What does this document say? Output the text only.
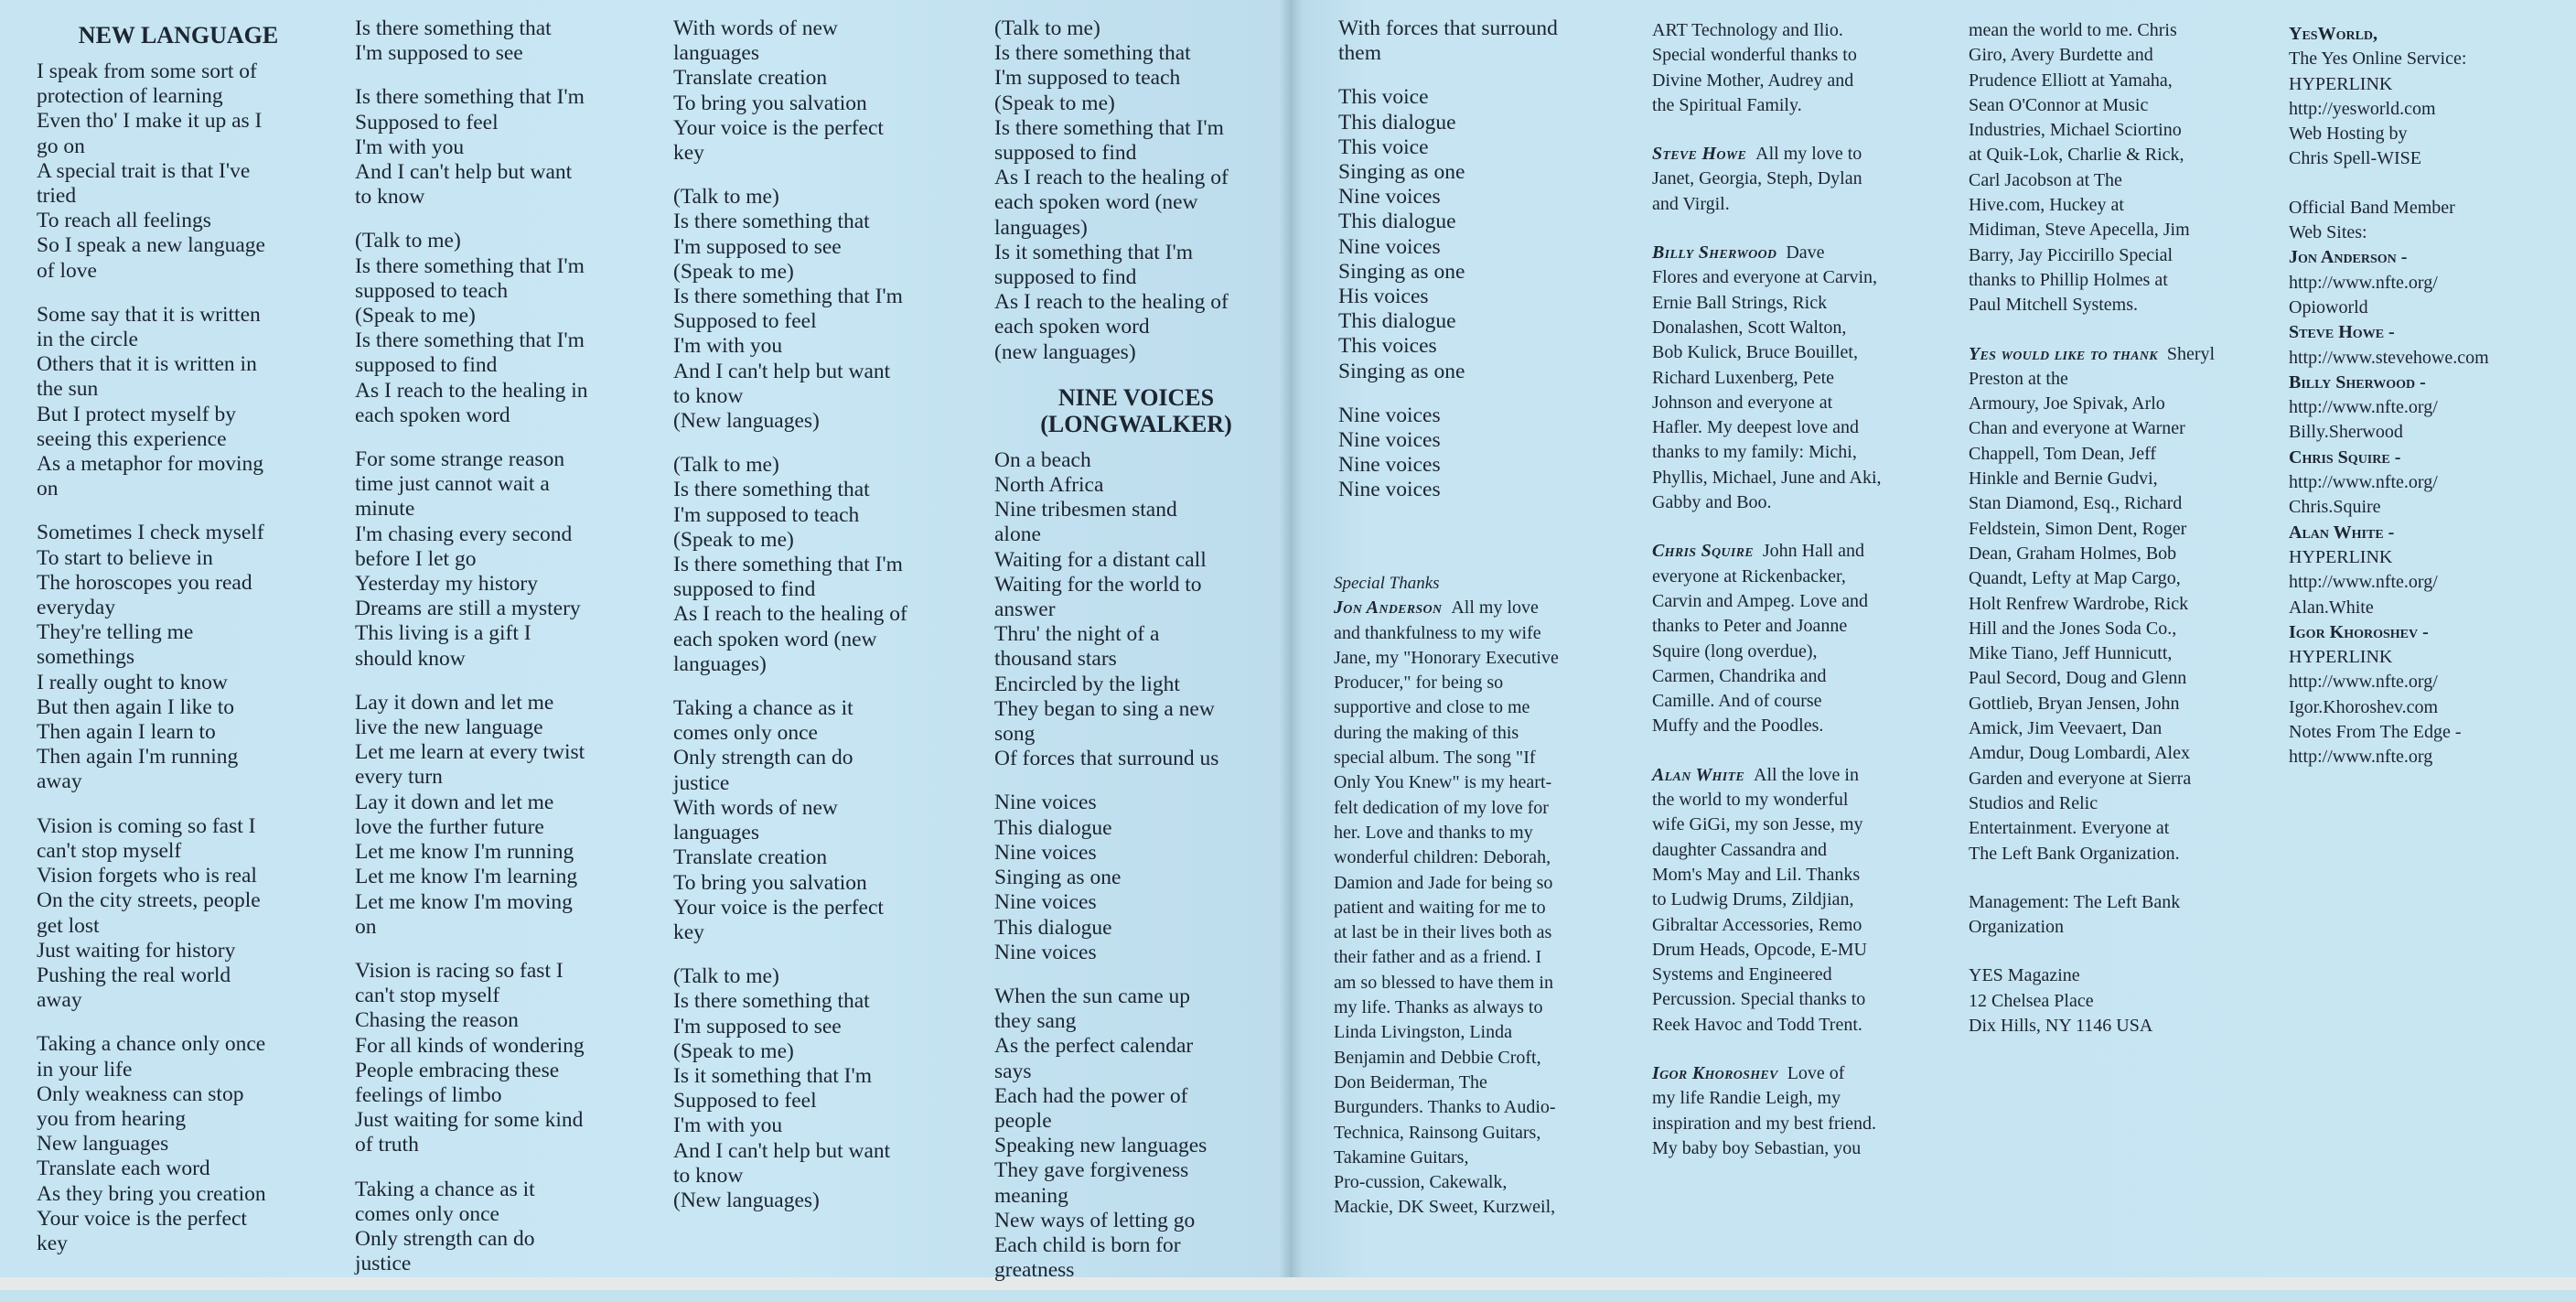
NEW LANGUAGE
I speak from some sort of
protection of learning
Even tho' I make it up as I
go on
A special trait is that I've
tried
To reach all feelings
So I speak a new language
of love
Some say that it is written
in the circle
Others that it is written in
the sun
But I protect myself by
seeing this experience
As a metaphor for moving
on
Sometimes I check myself
To start to believe in
The horoscopes you read
everyday
They're telling me
somethings
I really ought to know
But then again I like to
Then again I learn to
Then again I'm running
away
Vision is coming so fast I
can't stop myself
Vision forgets who is real
On the city streets, people
get lost
Just waiting for history
Pushing the real world
away
Taking a chance only once
in your life
Only weakness can stop
you from hearing
New languages
Translate each word
As they bring you creation
Your voice is the perfect
key
Is there something that
I'm supposed to see
Is there something that I'm
Supposed to feel
I'm with you
And I can't help but want
to know
(Talk to me)
Is there something that I'm
supposed to teach
(Speak to me)
Is there something that I'm
supposed to find
As I reach to the healing in
each spoken word
For some strange reason
time just cannot wait a
minute
I'm chasing every second
before I let go
Yesterday my history
Dreams are still a mystery
This living is a gift I
should know
Lay it down and let me
live the new language
Let me learn at every twist
every turn
Lay it down and let me
love the further future
Let me know I'm running
Let me know I'm learning
Let me know I'm moving
on
Vision is racing so fast I
can't stop myself
Chasing the reason
For all kinds of wondering
People embracing these
feelings of limbo
Just waiting for some kind
of truth
Taking a chance as it
comes only once
Only strength can do
justice
With words of new
languages
Translate creation
To bring you salvation
Your voice is the perfect
key
(Talk to me)
Is there something that
I'm supposed to see
(Speak to me)
Is there something that I'm
Supposed to feel
I'm with you
And I can't help but want
to know
(New languages)
(Talk to me)
Is there something that
I'm supposed to teach
(Speak to me)
Is there something that I'm
supposed to find
As I reach to the healing of
each spoken word (new
languages)
Taking a chance as it
comes only once
Only strength can do
justice
With words of new
languages
Translate creation
To bring you salvation
Your voice is the perfect
key
(Talk to me)
Is there something that
I'm supposed to see
(Speak to me)
Is it something that I'm
Supposed to feel
I'm with you
And I can't help but want
to know
(New languages)
(Talk to me)
Is there something that
I'm supposed to teach
(Speak to me)
Is there something that I'm
supposed to find
As I reach to the healing of
each spoken word (new
languages)
Is it something that I'm
supposed to find
As I reach to the healing of
each spoken word
(new languages)
NINE VOICES
(LONGWALKER)
On a beach
North Africa
Nine tribesmen stand
alone
Waiting for a distant call
Waiting for the world to
answer
Thru' the night of a
thousand stars
Encircled by the light
They began to sing a new
song
Of forces that surround us
Nine voices
This dialogue
Nine voices
Singing as one
Nine voices
This dialogue
Nine voices
When the sun came up
they sang
As the perfect calendar
says
Each had the power of
people
Speaking new languages
They gave forgiveness
meaning
New ways of letting go
Each child is born for
greatness
With forces that surround
them
This voice
This dialogue
This voice
Singing as one
Nine voices
This dialogue
Nine voices
Singing as one
His voices
This dialogue
This voices
Singing as one
Nine voices
Nine voices
Nine voices
Nine voices
Special Thanks
Jon Anderson All my love
and thankfulness to my wife
Jane, my "Honorary Executive
Producer," for being so
supportive and close to me
during the making of this
special album. The song "If
Only You Knew" is my heart-
felt dedication of my love for
her. Love and thanks to my
wonderful children: Deborah,
Damion and Jade for being so
patient and waiting for me to
at last be in their lives both as
their father and as a friend. I
am so blessed to have them in
my life. Thanks as always to
Linda Livingston, Linda
Benjamin and Debbie Croft,
Don Beiderman, The
Burgunders. Thanks to Audio-
Technica, Rainsong Guitars,
Takamine Guitars,
Pro-cussion, Cakewalk,
Mackie, DK Sweet, Kurzweil,
ART Technology and Ilio.
Special wonderful thanks to
Divine Mother, Audrey and
the Spiritual Family.
Steve Howe All my love to
Janet, Georgia, Steph, Dylan
and Virgil.
Billy Sherwood Dave
Flores and everyone at Carvin,
Ernie Ball Strings, Rick
Donalashen, Scott Walton,
Bob Kulick, Bruce Bouillet,
Richard Luxenberg, Pete
Johnson and everyone at
Hafler. My deepest love and
thanks to my family: Michi,
Phyllis, Michael, June and Aki,
Gabby and Boo.
Chris Squire John Hall and
everyone at Rickenbacker,
Carvin and Ampeg. Love and
thanks to Peter and Joanne
Squire (long overdue),
Carmen, Chandrika and
Camille. And of course
Muffy and the Poodles.
Alan White All the love in
the world to my wonderful
wife GiGi, my son Jesse, my
daughter Cassandra and
Mom's May and Lil. Thanks
to Ludwig Drums, Zildjian,
Gibraltar Accessories, Remo
Drum Heads, Opcode, E-MU
Systems and Engineered
Percussion. Special thanks to
Reek Havoc and Todd Trent.
Igor Khoroshev Love of
my life Randie Leigh, my
inspiration and my best friend.
My baby boy Sebastian, you
mean the world to me. Chris
Giro, Avery Burdette and
Prudence Elliott at Yamaha,
Sean O'Connor at Music
Industries, Michael Sciortino
at Quik-Lok, Charlie & Rick,
Carl Jacobson at The
Hive.com, Huckey at
Midiman, Steve Apecella, Jim
Barry, Jay Piccirillo Special
thanks to Phillip Holmes at
Paul Mitchell Systems.
Yes would like to thank Sheryl Preston at the
Armoury, Joe Spivak, Arlo
Chan and everyone at Warner
Chappell, Tom Dean, Jeff
Hinkle and Bernie Gudvi,
Stan Diamond, Esq., Richard
Feldstein, Simon Dent, Roger
Dean, Graham Holmes, Bob
Quandt, Lefty at Map Cargo,
Holt Renfrew Wardrobe, Rick
Hill and the Jones Soda Co.,
Mike Tiano, Jeff Hunnicutt,
Paul Secord, Doug and Glenn
Gottlieb, Bryan Jensen, John
Amick, Jim Veevaert, Dan
Amdur, Doug Lombardi, Alex
Garden and everyone at Sierra
Studios and Relic
Entertainment. Everyone at
The Left Bank Organization.
Management: The Left Bank
Organization
YES Magazine
12 Chelsea Place
Dix Hills, NY 1146 USA
YesWorld,
The Yes Online Service:
HYPERLINK
http://yesworld.com
Web Hosting by
Chris Spell-WISE
Official Band Member
Web Sites:
Jon Anderson -
http://www.nfte.org/
Opioworld
Steve Howe -
http://www.stevehowe.com
Billy Sherwood -
http://www.nfte.org/
Billy.Sherwood
Chris Squire -
http://www.nfte.org/
Chris.Squire
Alan White -
HYPERLINK
http://www.nfte.org/
Alan.White
Igor Khoroshev -
HYPERLINK
http://www.nfte.org/
Igor.Khoroshev.com
Notes From The Edge -
http://www.nfte.org
